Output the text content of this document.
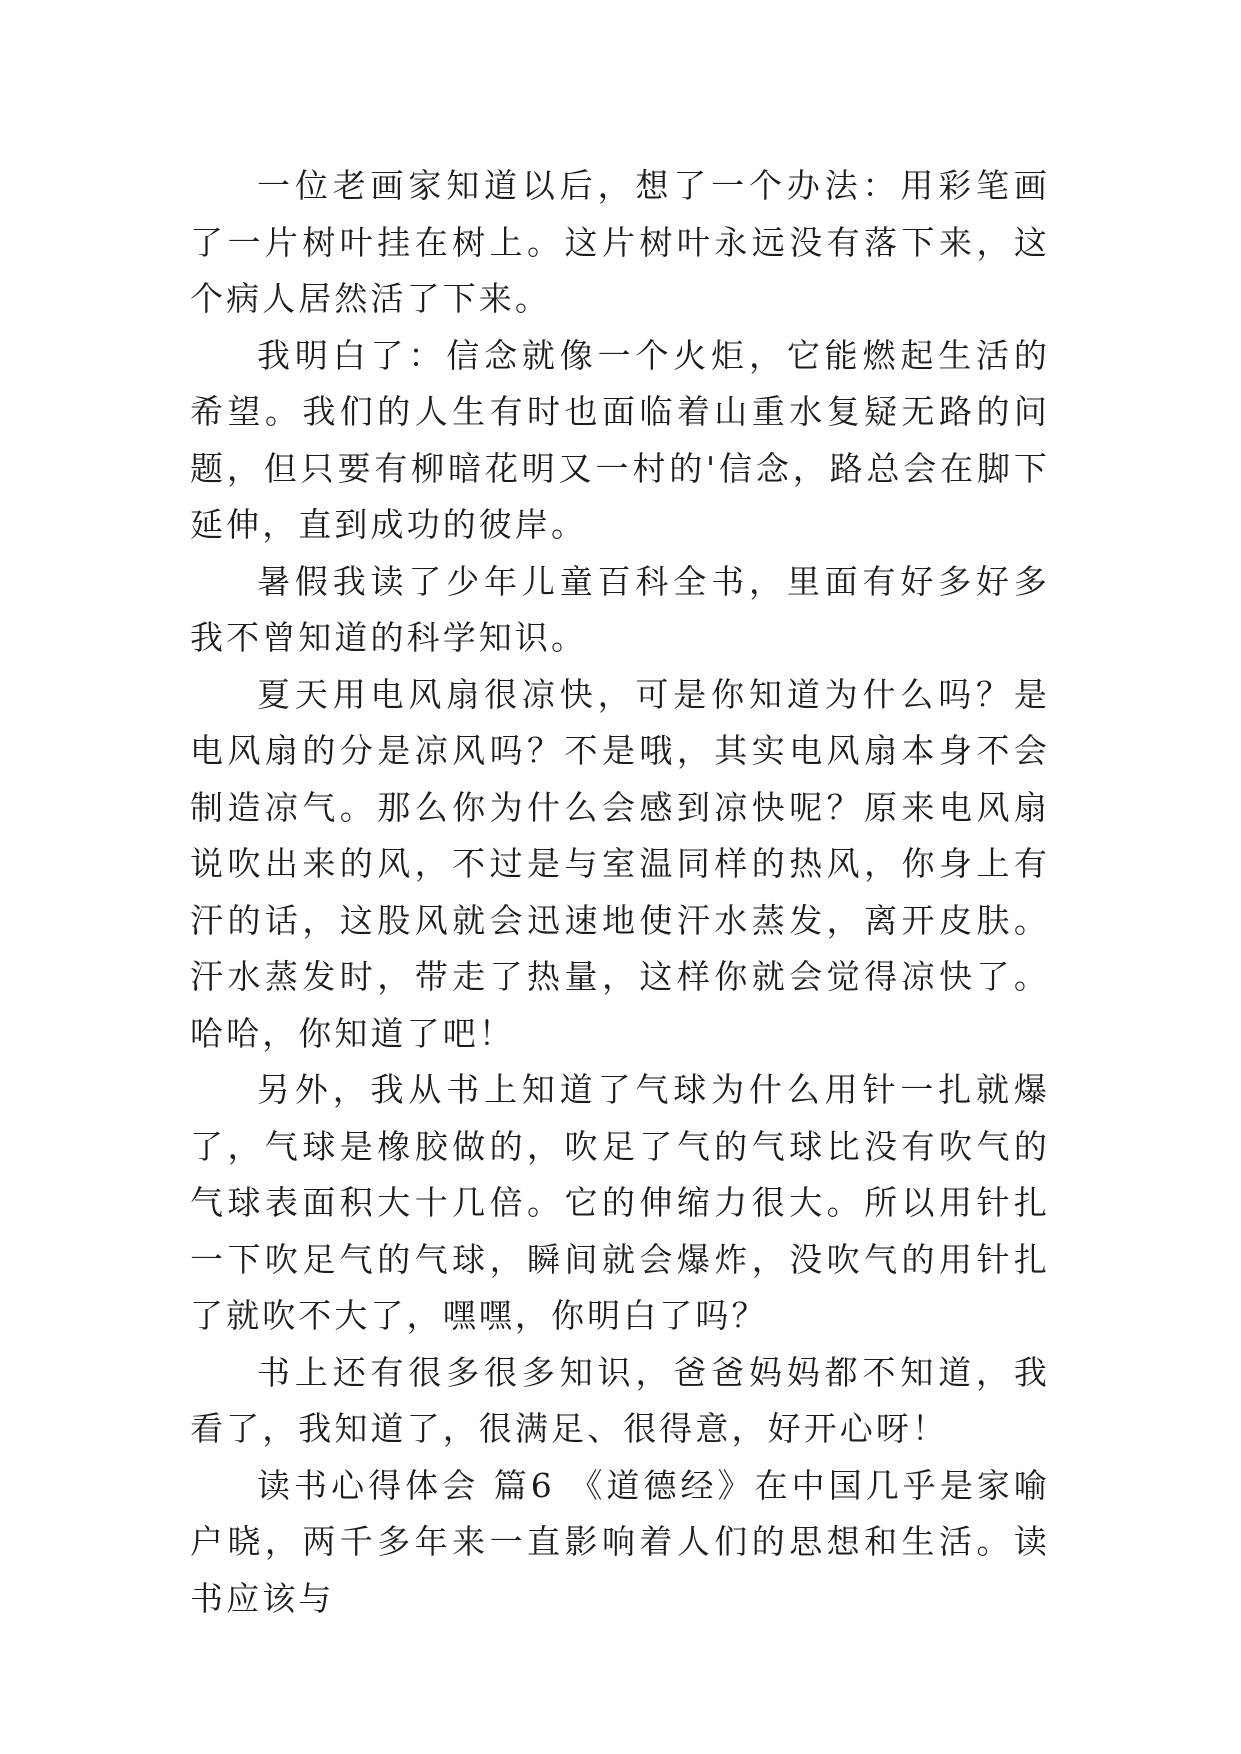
一位老画家知道以后，想了一个办法：用彩笔画了一片树叶挂在树上。这片树叶永远没有落下来，这个病人居然活了下来。

我明白了：信念就像一个火炬，它能燃起生活的希望。我们的人生有时也面临着山重水复疑无路的问题，但只要有柳暗花明又一村的'信念，路总会在脚下延伸，直到成功的彼岸。

暑假我读了少年儿童百科全书，里面有好多好多我不曾知道的科学知识。

夏天用电风扇很凉快，可是你知道为什么吗？是电风扇的分是凉风吗？不是哦，其实电风扇本身不会制造凉气。那么你为什么会感到凉快呢？原来电风扇说吹出来的风，不过是与室温同样的热风，你身上有汗的话，这股风就会迅速地使汗水蒸发，离开皮肤。汗水蒸发时，带走了热量，这样你就会觉得凉快了。哈哈，你知道了吧！

另外，我从书上知道了气球为什么用针一扎就爆了，气球是橡胶做的，吹足了气的气球比没有吹气的气球表面积大十几倍。它的伸缩力很大。所以用针扎一下吹足气的气球，瞬间就会爆炸，没吹气的用针扎了就吹不大了，嘿嘿，你明白了吗？

书上还有很多很多知识，爸爸妈妈都不知道，我看了，我知道了，很满足、很得意，好开心呀！

读书心得体会 篇6 《道德经》在中国几乎是家喻户晓，两千多年来一直影响着人们的思想和生活。读书应该与
